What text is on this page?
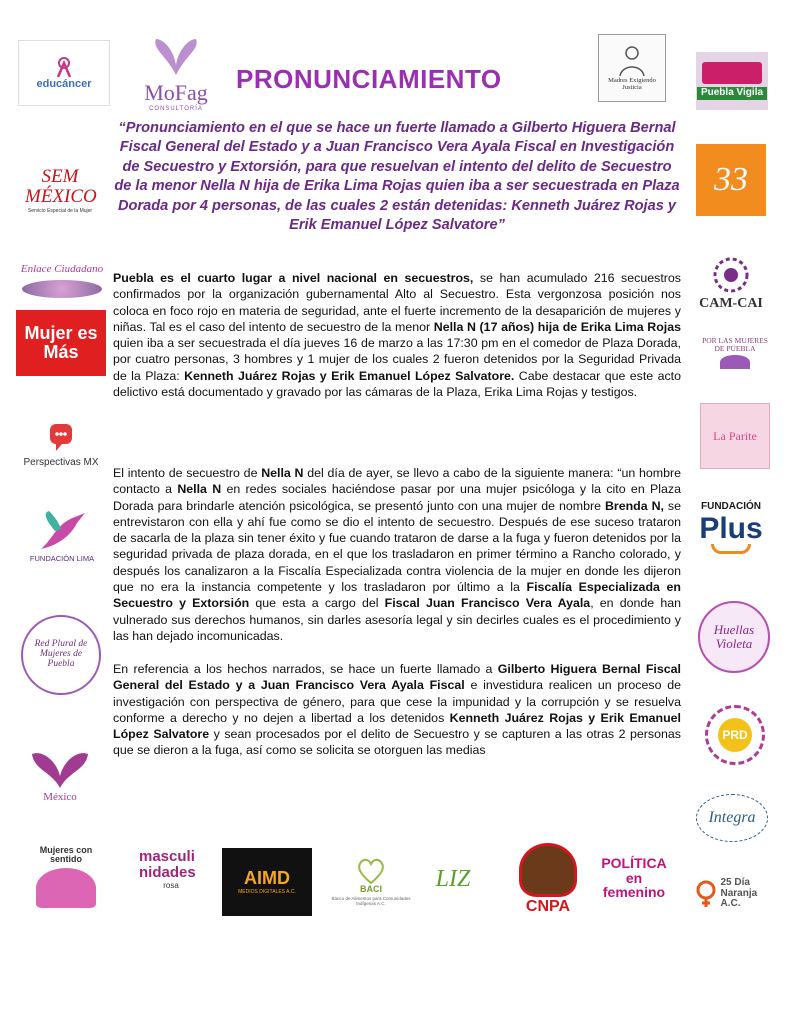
PRONUNCIAMIENTO
“Pronunciamiento en el que se hace un fuerte llamado a Gilberto Higuera Bernal Fiscal General del Estado y a Juan Francisco Vera Ayala Fiscal en Investigación de Secuestro y Extorsión, para que resuelvan el intento del delito de Secuestro de la menor Nella N hija de Erika Lima Rojas quien iba a ser secuestrada en Plaza Dorada por 4 personas, de las cuales 2 están detenidas: Kenneth Juárez Rojas y Erik Emanuel López Salvatore”
Puebla es el cuarto lugar a nivel nacional en secuestros, se han acumulado 216 secuestros confirmados por la organización gubernamental Alto al Secuestro. Esta vergonzosa posición nos coloca en foco rojo en materia de seguridad, ante el fuerte incremento de la desaparición de mujeres y niñas. Tal es el caso del intento de secuestro de la menor Nella N (17 años) hija de Erika Lima Rojas quien iba a ser secuestrada el día jueves 16 de marzo a las 17:30 pm en el comedor de Plaza Dorada, por cuatro personas, 3 hombres y 1 mujer de los cuales 2 fueron detenidos por la Seguridad Privada de la Plaza: Kenneth Juárez Rojas y Erik Emanuel López Salvatore. Cabe destacar que este acto delictivo está documentado y gravado por las cámaras de la Plaza, Erika Lima Rojas y testigos.
El intento de secuestro de Nella N del día de ayer, se llevo a cabo de la siguiente manera: “un hombre contacto a Nella N en redes sociales haciéndose pasar por una mujer psicóloga y la cito en Plaza Dorada para brindarle atención psicológica, se presentó junto con una mujer de nombre Brenda N, se entrevistaron con ella y ahí fue como se dio el intento de secuestro. Después de ese suceso trataron de sacarla de la plaza sin tener éxito y fue cuando trataron de darse a la fuga y fueron detenidos por la seguridad privada de plaza dorada, en el que los trasladaron en primer término a Rancho colorado, y después los canalizaron a la Fiscalía Especializada contra violencia de la mujer en donde les dijeron que no era la instancia competente y los trasladaron por último a la Fiscalía Especializada en Secuestro y Extorsión que esta a cargo del Fiscal Juan Francisco Vera Ayala, en donde han vulnerado sus derechos humanos, sin darles asesoría legal y sin decirles cuales es el procedimiento y las han dejado incomunicadas.
En referencia a los hechos narrados, se hace un fuerte llamado a Gilberto Higuera Bernal Fiscal General del Estado y a Juan Francisco Vera Ayala Fiscal e investidura realicen un proceso de investigación con perspectiva de género, para que cese la impunidad y la corrupción y se resuelva conforme a derecho y no dejen a libertad a los detenidos Kenneth Juárez Rojas y Erik Emanuel López Salvatore y sean procesados por el delito de Secuestro y se capturen a las otras 2 personas que se dieron a la fuga, así como se solicita se otorguen las medias
educáncer MoFag
CONSULTORÍA
Madres Exigiendo Justicia	Puebla Vigila
SEM MÉXICO
Servicio Especial de la Mujer
33
Enlace Ciudadano
CAM-CAI
Mujer es Más
POR LAS MUJERES DE PUEBLA
Perspectivas MX
La Parite
FUNDACIÓN
Plus
FUNDACIÓN LIMA
Huellas Violeta
Red Plural de Mujeres de Puebla
PRD
México
Integra
Mujeres con sentido	masculi nidades
rosa	AIMD
MEDIOS DIGITALES A.C.	BACI
Banco de Alimentos para Comunidades Indígenas A.C.
LIZ
CNPA
POLÍTICA en femenino
25 Día Naranja A.C.
